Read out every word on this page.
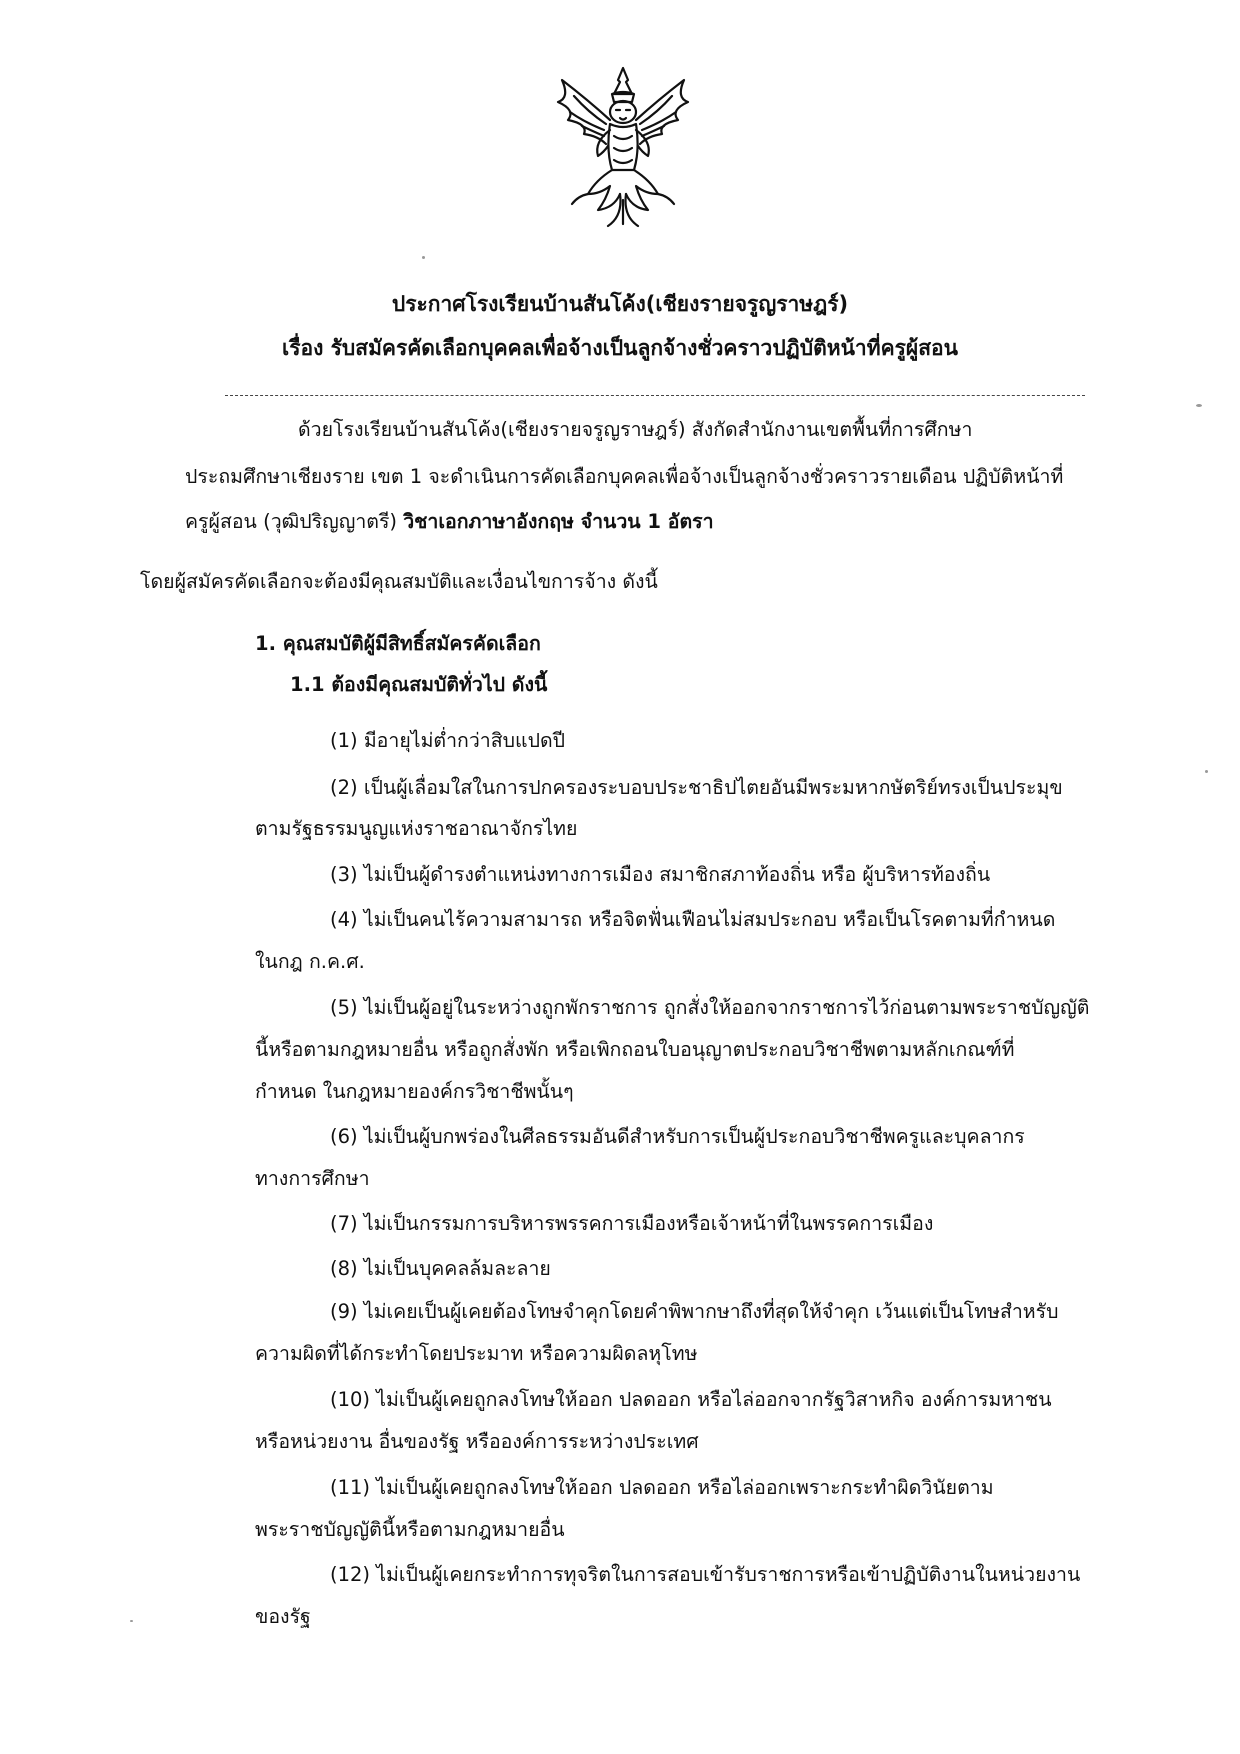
ประกาศโรงเรียนบ้านสันโค้ง(เชียงรายจรูญราษฎร์)
เรื่อง รับสมัครคัดเลือกบุคคลเพื่อจ้างเป็นลูกจ้างชั่วคราวปฏิบัติหน้าที่ครูผู้สอน
ด้วยโรงเรียนบ้านสันโค้ง(เชียงรายจรูญราษฎร์) สังกัดสำนักงานเขตพื้นที่การศึกษา
ประถมศึกษาเชียงราย เขต 1 จะดำเนินการคัดเลือกบุคคลเพื่อจ้างเป็นลูกจ้างชั่วคราวรายเดือน ปฏิบัติหน้าที่
ครูผู้สอน (วุฒิปริญญาตรี) วิชาเอกภาษาอังกฤษ จำนวน 1 อัตรา
โดยผู้สมัครคัดเลือกจะต้องมีคุณสมบัติและเงื่อนไขการจ้าง ดังนี้
1. คุณสมบัติผู้มีสิทธิ์สมัครคัดเลือก
1.1 ต้องมีคุณสมบัติทั่วไป ดังนี้
(1) มีอายุไม่ต่ำกว่าสิบแปดปี
(2) เป็นผู้เลื่อมใสในการปกครองระบอบประชาธิปไตยอันมีพระมหากษัตริย์ทรงเป็นประมุข
ตามรัฐธรรมนูญแห่งราชอาณาจักรไทย
(3) ไม่เป็นผู้ดำรงตำแหน่งทางการเมือง สมาชิกสภาท้องถิ่น หรือ ผู้บริหารท้องถิ่น
(4) ไม่เป็นคนไร้ความสามารถ หรือจิตฟั่นเฟือนไม่สมประกอบ หรือเป็นโรคตามที่กำหนด
ในกฎ ก.ค.ศ.
(5) ไม่เป็นผู้อยู่ในระหว่างถูกพักราชการ ถูกสั่งให้ออกจากราชการไว้ก่อนตามพระราชบัญญัติ
นี้หรือตามกฎหมายอื่น หรือถูกสั่งพัก หรือเพิกถอนใบอนุญาตประกอบวิชาชีพตามหลักเกณฑ์ที่
กำหนด ในกฎหมายองค์กรวิชาชีพนั้นๆ
(6) ไม่เป็นผู้บกพร่องในศีลธรรมอันดีสำหรับการเป็นผู้ประกอบวิชาชีพครูและบุคลากร
ทางการศึกษา
(7) ไม่เป็นกรรมการบริหารพรรคการเมืองหรือเจ้าหน้าที่ในพรรคการเมือง
(8) ไม่เป็นบุคคลล้มละลาย
(9) ไม่เคยเป็นผู้เคยต้องโทษจำคุกโดยคำพิพากษาถึงที่สุดให้จำคุก เว้นแต่เป็นโทษสำหรับ
ความผิดที่ได้กระทำโดยประมาท หรือความผิดลหุโทษ
(10) ไม่เป็นผู้เคยถูกลงโทษให้ออก ปลดออก หรือไล่ออกจากรัฐวิสาหกิจ องค์การมหาชน
หรือหน่วยงาน อื่นของรัฐ หรือองค์การระหว่างประเทศ
(11) ไม่เป็นผู้เคยถูกลงโทษให้ออก ปลดออก หรือไล่ออกเพราะกระทำผิดวินัยตาม
พระราชบัญญัตินี้หรือตามกฎหมายอื่น
(12) ไม่เป็นผู้เคยกระทำการทุจริตในการสอบเข้ารับราชการหรือเข้าปฏิบัติงานในหน่วยงาน
ของรัฐ
